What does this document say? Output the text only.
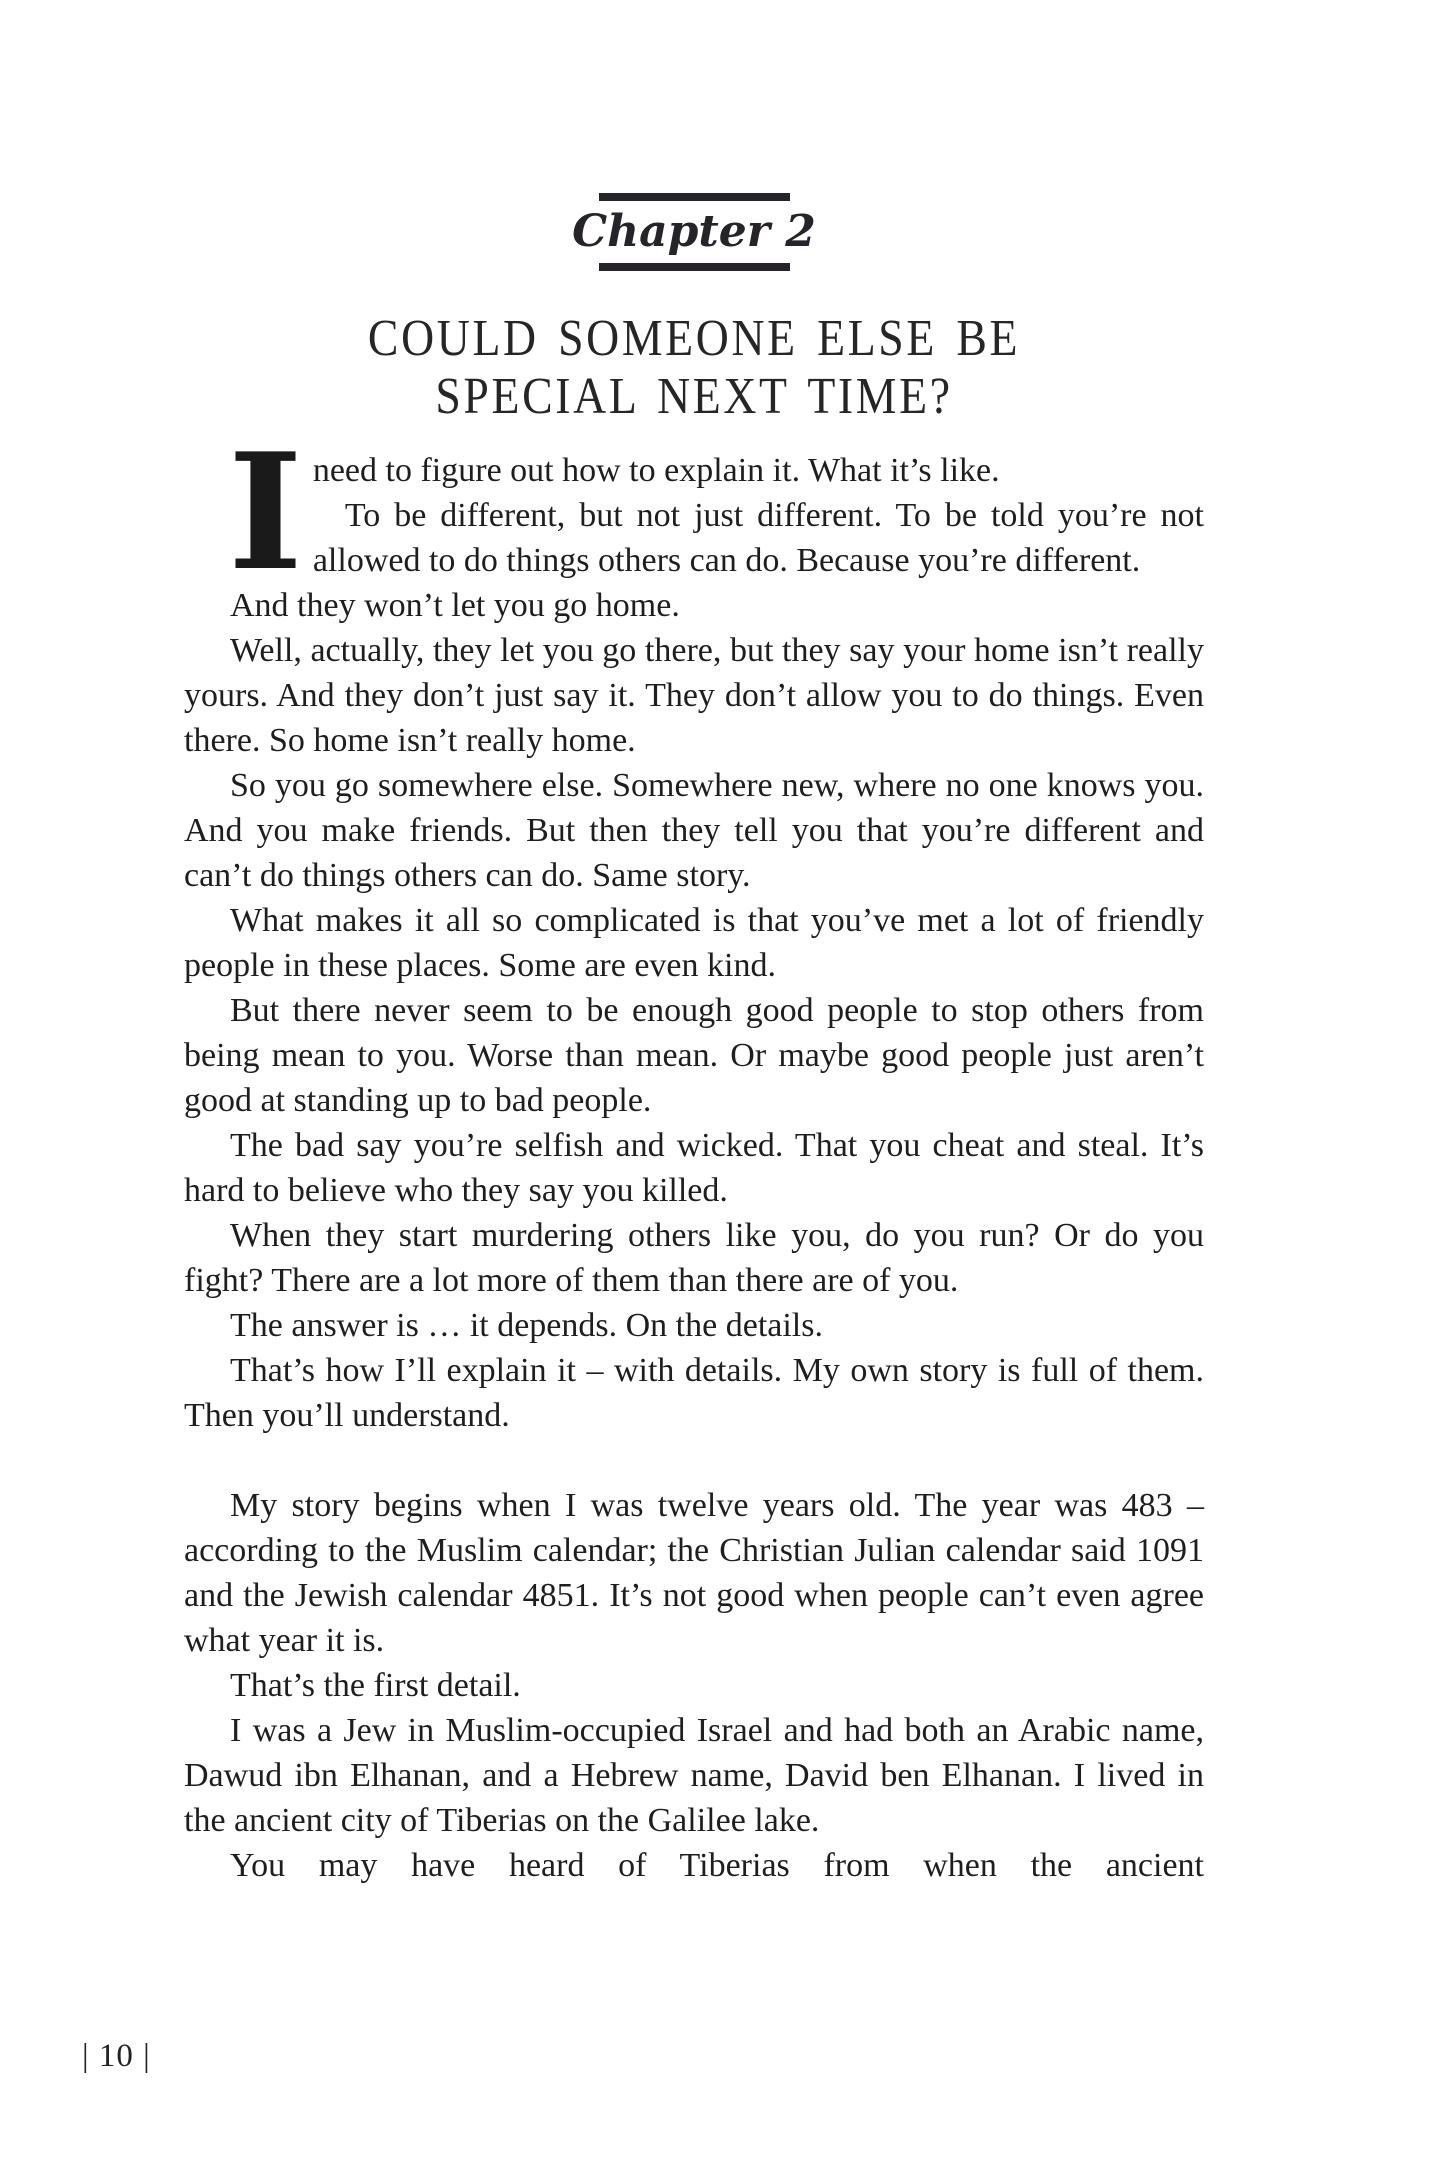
Chapter 2
COULD SOMEONE ELSE BE
SPECIAL NEXT TIME?
I need to figure out how to explain it. What it’s like.

To be different, but not just different. To be told you’re not allowed to do things others can do. Because you’re different.

And they won’t let you go home.

Well, actually, they let you go there, but they say your home isn’t really yours. And they don’t just say it. They don’t allow you to do things. Even there. So home isn’t really home.

So you go somewhere else. Somewhere new, where no one knows you. And you make friends. But then they tell you that you’re different and can’t do things others can do. Same story.

What makes it all so complicated is that you’ve met a lot of friendly people in these places. Some are even kind.

But there never seem to be enough good people to stop others from being mean to you. Worse than mean. Or maybe good people just aren’t good at standing up to bad people.

The bad say you’re selfish and wicked. That you cheat and steal. It’s hard to believe who they say you killed.

When they start murdering others like you, do you run? Or do you fight? There are a lot more of them than there are of you.

The answer is … it depends. On the details.

That’s how I’ll explain it – with details. My own story is full of them. Then you’ll understand.

My story begins when I was twelve years old. The year was 483 – according to the Muslim calendar; the Christian Julian calendar said 1091 and the Jewish calendar 4851. It’s not good when people can’t even agree what year it is.

That’s the first detail.

I was a Jew in Muslim-occupied Israel and had both an Arabic name, Dawud ibn Elhanan, and a Hebrew name, David ben Elhanan. I lived in the ancient city of Tiberias on the Galilee lake.

You may have heard of Tiberias from when the ancient

| 10 |
